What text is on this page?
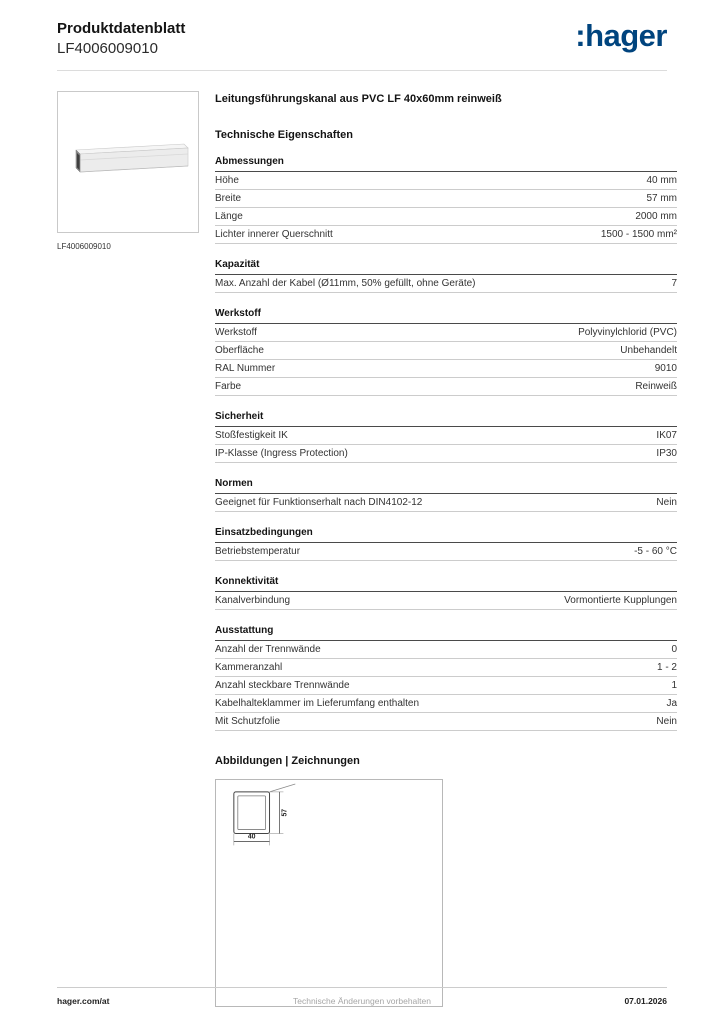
Produktdatenblatt
LF4006009010	:hager
LF4006009010
Leitungsführungskanal aus PVC LF 40x60mm reinweiß
Technische Eigenschaften
Abmessungen
Höhe	40 mm
Breite	57 mm
Länge	2000 mm
Lichter innerer Querschnitt	1500 - 1500 mm²
Kapazität
Max. Anzahl der Kabel (Ø11mm, 50% gefüllt, ohne Geräte)	7
Werkstoff
Werkstoff	Polyvinylchlorid (PVC)
Oberfläche	Unbehandelt
RAL Nummer	9010
Farbe	Reinweiß
Sicherheit
Stoßfestigkeit IK	IK07
IP-Klasse (Ingress Protection)	IP30
Normen
Geeignet für Funktionserhalt nach DIN4102-12	Nein
Einsatzbedingungen
Betriebstemperatur	-5 - 60 °C
Konnektivität
Kanalverbindung	Vormontierte Kupplungen
Ausstattung
Anzahl der Trennwände	0
Kammeranzahl	1 - 2
Anzahl steckbare Trennwände	1
Kabelhalteklammer im Lieferumfang enthalten	Ja
Mit Schutzfolie	Nein
Abbildungen | Zeichnungen
40
57
hager.com/at	Technische Änderungen vorbehalten	07.01.2026
